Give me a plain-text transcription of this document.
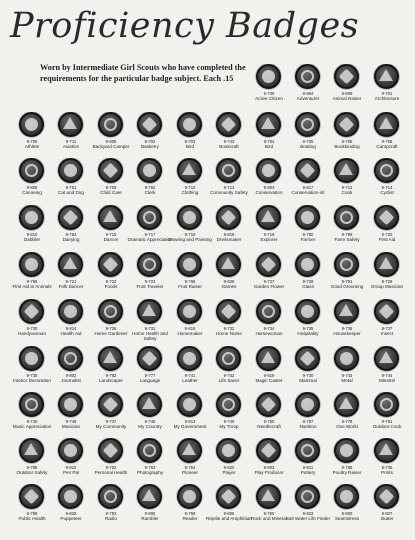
Proficiency Badges
Worn by Intermediate Girl Scouts who have completed the requirements for the particular badge subject. Each .15
9-739
Active Citizen
9-804
Adventurer
9-809
Animal Raiser
9-701
Architecture
9-705
Athlete
9-711
Aviation
9-808
Backyard Camper
9-702
Basketry
9-703
Bird
9-743
Bookcraft
9-704
Bird
9-705
Boating
9-706
Bookbinding
9-708
Campcraft
9-805
Canoeing
9-761
Cat and Dog
9-709
Child Care
9-792
Clerk
9-710
Clothing
9-713
Community Safety
9-804
Conservation
9-817
Conservation-ist
9-713
Cook
9-714
Cyclist
9-810
Dabbler
9-784
Dairying
9-715
Dancer
9-717
Dramatic Appreciation
9-718
Drawing and Painting
9-819
Dressmaker
9-719
Explorer
9-780
Farmer
9-799
Farm Safety
9-720
First Aid
9-796
First Aid to Animals
9-721
Folk Dancer
9-722
Foods
9-723
Foot Traveler
9-786
Fruit Raiser
9-826
Games
9-727
Garden Flower
9-728
Glass
9-791
Good Grooming
9-729
Group Musician
9-730
Handywoman
9-814
Health Aid
9-726
Home Gardener
9-731
Home Health and Safety
9-816
Homemaker
9-732
Home Nurse
9-734
Horsewoman
9-735
Hospitality
9-736
Housekeeper
9-737
Insect
9-738
Interior Decoration
9-802
Journalist
9-782
Landscaper
9-777
Language
9-741
Leather
9-742
Life Saver
9-819
Magic Caster
9-740
Mammal
9-743
Metal
9-744
Minstrel
9-745
Music Appreciation
9-746
Musician
9-747
My Community
9-748
My Country
9-813
My Government
9-749
My Troop
9-750
Needlecraft
9-797
Nutrition
9-778
One World
9-751
Outdoor Cook
9-798
Outdoor Safety
9-810
Pen Pal
9-752
Personal Health
9-753
Photography
9-754
Pioneer
9-820
Player
9-803
Play Producer
9-811
Pottery
9-788
Poultry Raiser
9-735
Prints
9-758
Public Health
9-825
Puppeteer
9-793
Radio
9-805
Rambler
9-759
Reader
9-806
Reptile and Amphibian
9-760
Rock and Mineral
9-823
Salt Water Life Finder
9-800
Seamstress
9-827
Skater
